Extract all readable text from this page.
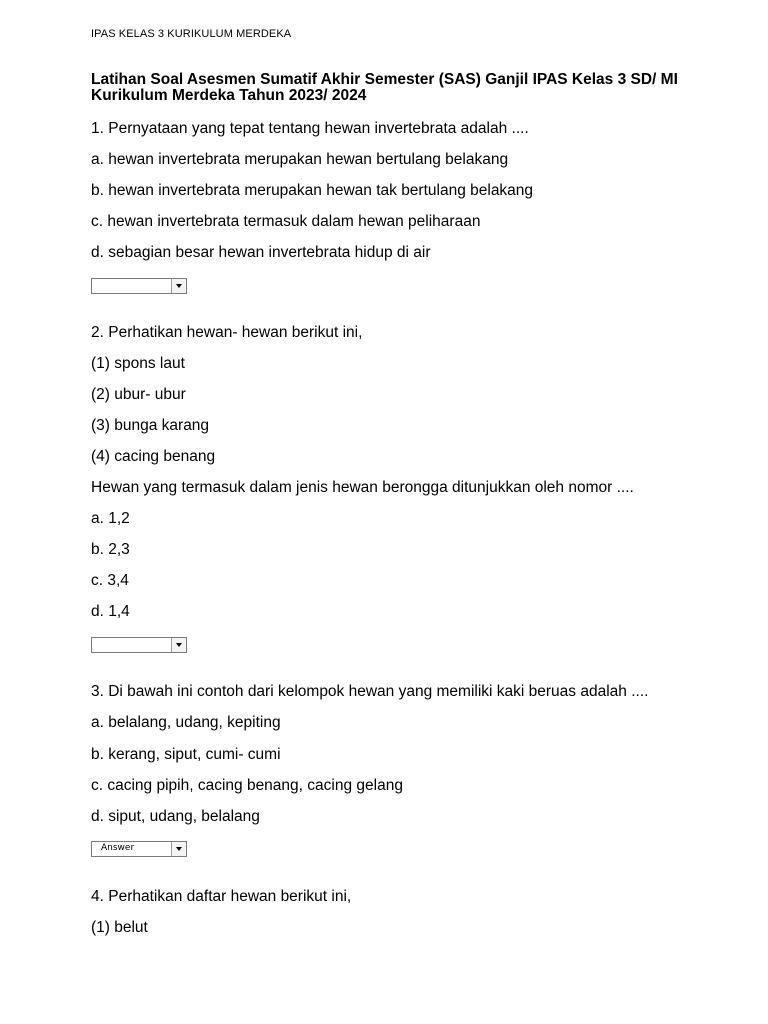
IPAS KELAS 3 KURIKULUM MERDEKA
Latihan Soal Asesmen Sumatif Akhir Semester (SAS) Ganjil IPAS Kelas 3 SD/ MI
Kurikulum Merdeka Tahun 2023/ 2024
1. Pernyataan yang tepat tentang hewan invertebrata adalah ....
a. hewan invertebrata merupakan hewan bertulang belakang
b. hewan invertebrata merupakan hewan tak bertulang belakang
c. hewan invertebrata termasuk dalam hewan peliharaan
d. sebagian besar hewan invertebrata hidup di air
2. Perhatikan hewan- hewan berikut ini,
(1) spons laut
(2) ubur- ubur
(3) bunga karang
(4) cacing benang
Hewan yang termasuk dalam jenis hewan berongga ditunjukkan oleh nomor ....
a. 1,2
b. 2,3
c. 3,4
d. 1,4
3. Di bawah ini contoh dari kelompok hewan yang memiliki kaki beruas adalah ....
a. belalang, udang, kepiting
b. kerang, siput, cumi- cumi
c. cacing pipih, cacing benang, cacing gelang
d. siput, udang, belalang
Answer
4. Perhatikan daftar hewan berikut ini,
(1) belut
